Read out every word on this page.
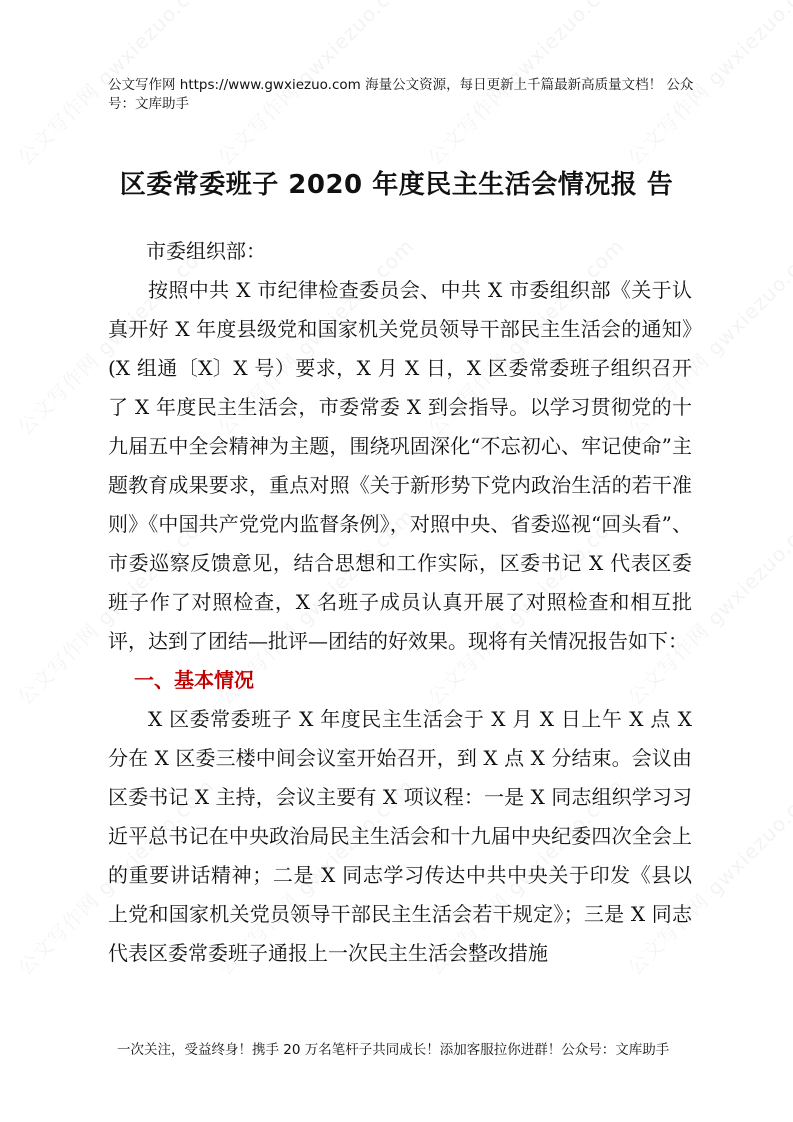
公文写作网 https://www.gwxiezuo.com 海量公文资源，每日更新上千篇最新高质量文档！ 公众号：文库助手
区委常委班子 2020 年度民主生活会情况报 告

市委组织部：

按照中共 X 市纪律检查委员会、中共 X 市委组织部《关于认真开好 X 年度县级党和国家机关党员领导干部民主生活会的通知》(X 组通〔X〕X 号）要求，X 月 X 日，X 区委常委班子组织召开了 X 年度民主生活会，市委常委 X 到会指导。以学习贯彻党的十九届五中全会精神为主题，围绕巩固深化“不忘初心、牢记使命”主题教育成果要求，重点对照《关于新形势下党内政治生活的若干准则》《中国共产党党内监督条例》，对照中央、省委巡视“回头看”、市委巡察反馈意见，结合思想和工作实际，区委书记 X 代表区委班子作了对照检查，X 名班子成员认真开展了对照检查和相互批评，达到了团结—批评—团结的好效果。现将有关情况报告如下：

一、基本情况

X 区委常委班子 X 年度民主生活会于 X 月 X 日上午 X 点 X 分在 X 区委三楼中间会议室开始召开，到 X 点 X 分结束。会议由区委书记 X 主持，会议主要有 X 项议程：一是 X 同志组织学习习近平总书记在中央政治局民主生活会和十九届中央纪委四次全会上的重要讲话精神；二是 X 同志学习传达中共中央关于印发《县以上党和国家机关党员领导干部民主生活会若干规定》；三是 X 同志代表区委常委班子通报上一次民主生活会整改措施

一次关注，受益终身！携手 20 万名笔杆子共同成长！添加客服拉你进群！公众号：文库助手
